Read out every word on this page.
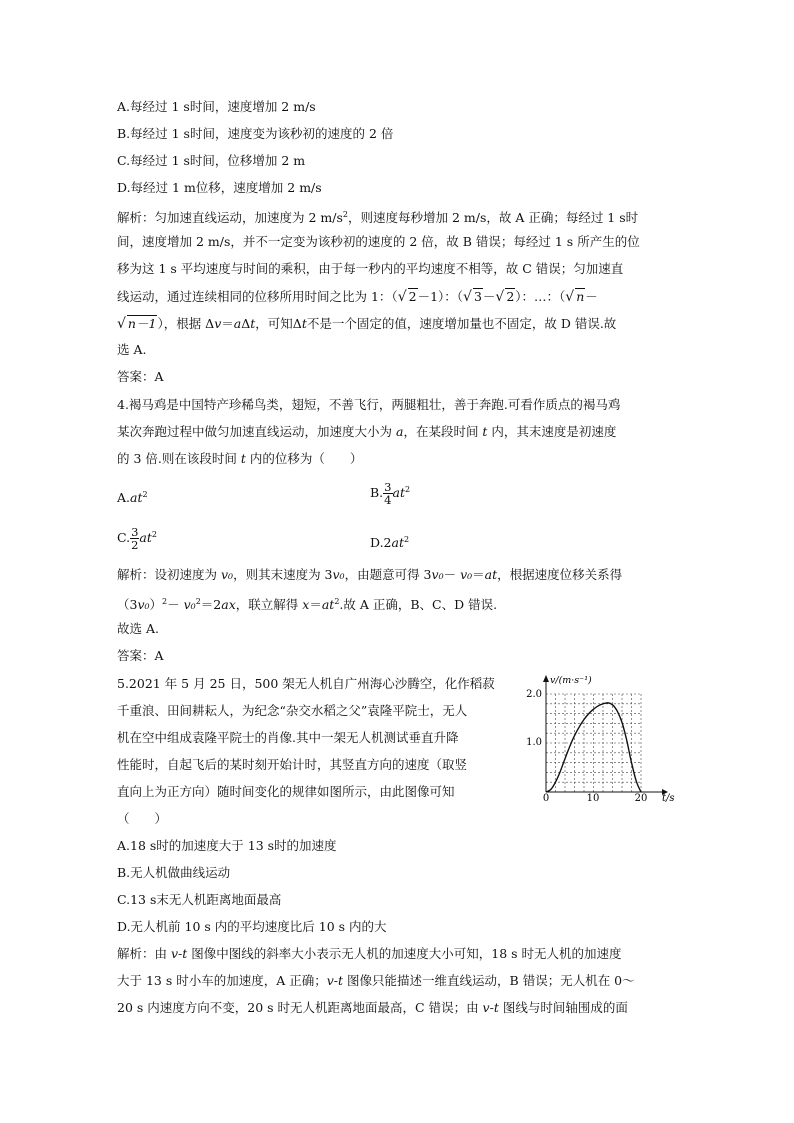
A.每经过 1 s时间，速度增加 2 m/s
B.每经过 1 s时间，速度变为该秒初的速度的 2 倍
C.每经过 1 s时间，位移增加 2 m
D.每经过 1 m位移，速度增加 2 m/s
解析：匀加速直线运动，加速度为 2 $m/s^2$，则速度每秒增加 2 m/s，故 A 正确；每经过 1 s时
间，速度增加 2 m/s，并不一定变为该秒初的速度的 2 倍，故 B 错误；每经过 1 s 所产生的位
移为这 1 s 平均速度与时间的乘积，由于每一秒内的平均速度不相等，故 C 错误；匀加速直
线运动，通过连续相同的位移所用时间之比为 1：（√ 2－1）：（√ 3－√ 2）：…：（√ n－
√ n－1），根据 Δv＝aΔt，可知Δt不是一个固定的值，速度增加量也不固定，故 D 错误.故
选 A.
答案：A
4.褐马鸡是中国特产珍稀鸟类，翅短，不善飞行，两腿粗壮，善于奔跑.可看作质点的褐马鸡
某次奔跑过程中做匀加速直线运动，加速度大小为 a，在某段时间 t 内，其末速度是初速度
的 3 倍.则在该段时间 t 内的位移为（　　）
$A.at^2$	B. $\frac{3}{4} at^2$
C. $\frac{3}{2} at^2$
$D.2at^2$
解析：设初速度为 v₀，则其末速度为 3v₀，由题意可得 3v₀－ v₀＝at，根据速度位移关系得
$(3v_0)^2- v_0^2=2ax$，联立解得 $x=at^2$.故 A 正确，B、C、D 错误.
故选 A.
答案：A
5.2021 年 5 月 25 日，500 架无人机自广州海心沙腾空，化作稻菽
千重浪、田间耕耘人，为纪念“杂交水稻之父”袁隆平院士，无人
机在空中组成袁隆平院士的肖像.其中一架无人机测试垂直升降
性能时，自起飞后的某时刻开始计时，其竖直方向的速度（取竖
直向上为正方向）随时间变化的规律如图所示，由此图像可知
（　　）
v/(m·s⁻¹)
t/s
2.0
1.0
0	10	20
A.18 s时的加速度大于 13 s时的加速度
B.无人机做曲线运动
C.13 s末无人机距离地面最高
D.无人机前 10 s 内的平均速度比后 10 s 内的大
解析：由 v-t 图像中图线的斜率大小表示无人机的加速度大小可知，18 s 时无人机的加速度
大于 13 s 时小车的加速度，A 正确；v-t 图像只能描述一维直线运动，B 错误；无人机在 0～
20 s 内速度方向不变，20 s 时无人机距离地面最高，C 错误；由 v-t 图线与时间轴围成的面
